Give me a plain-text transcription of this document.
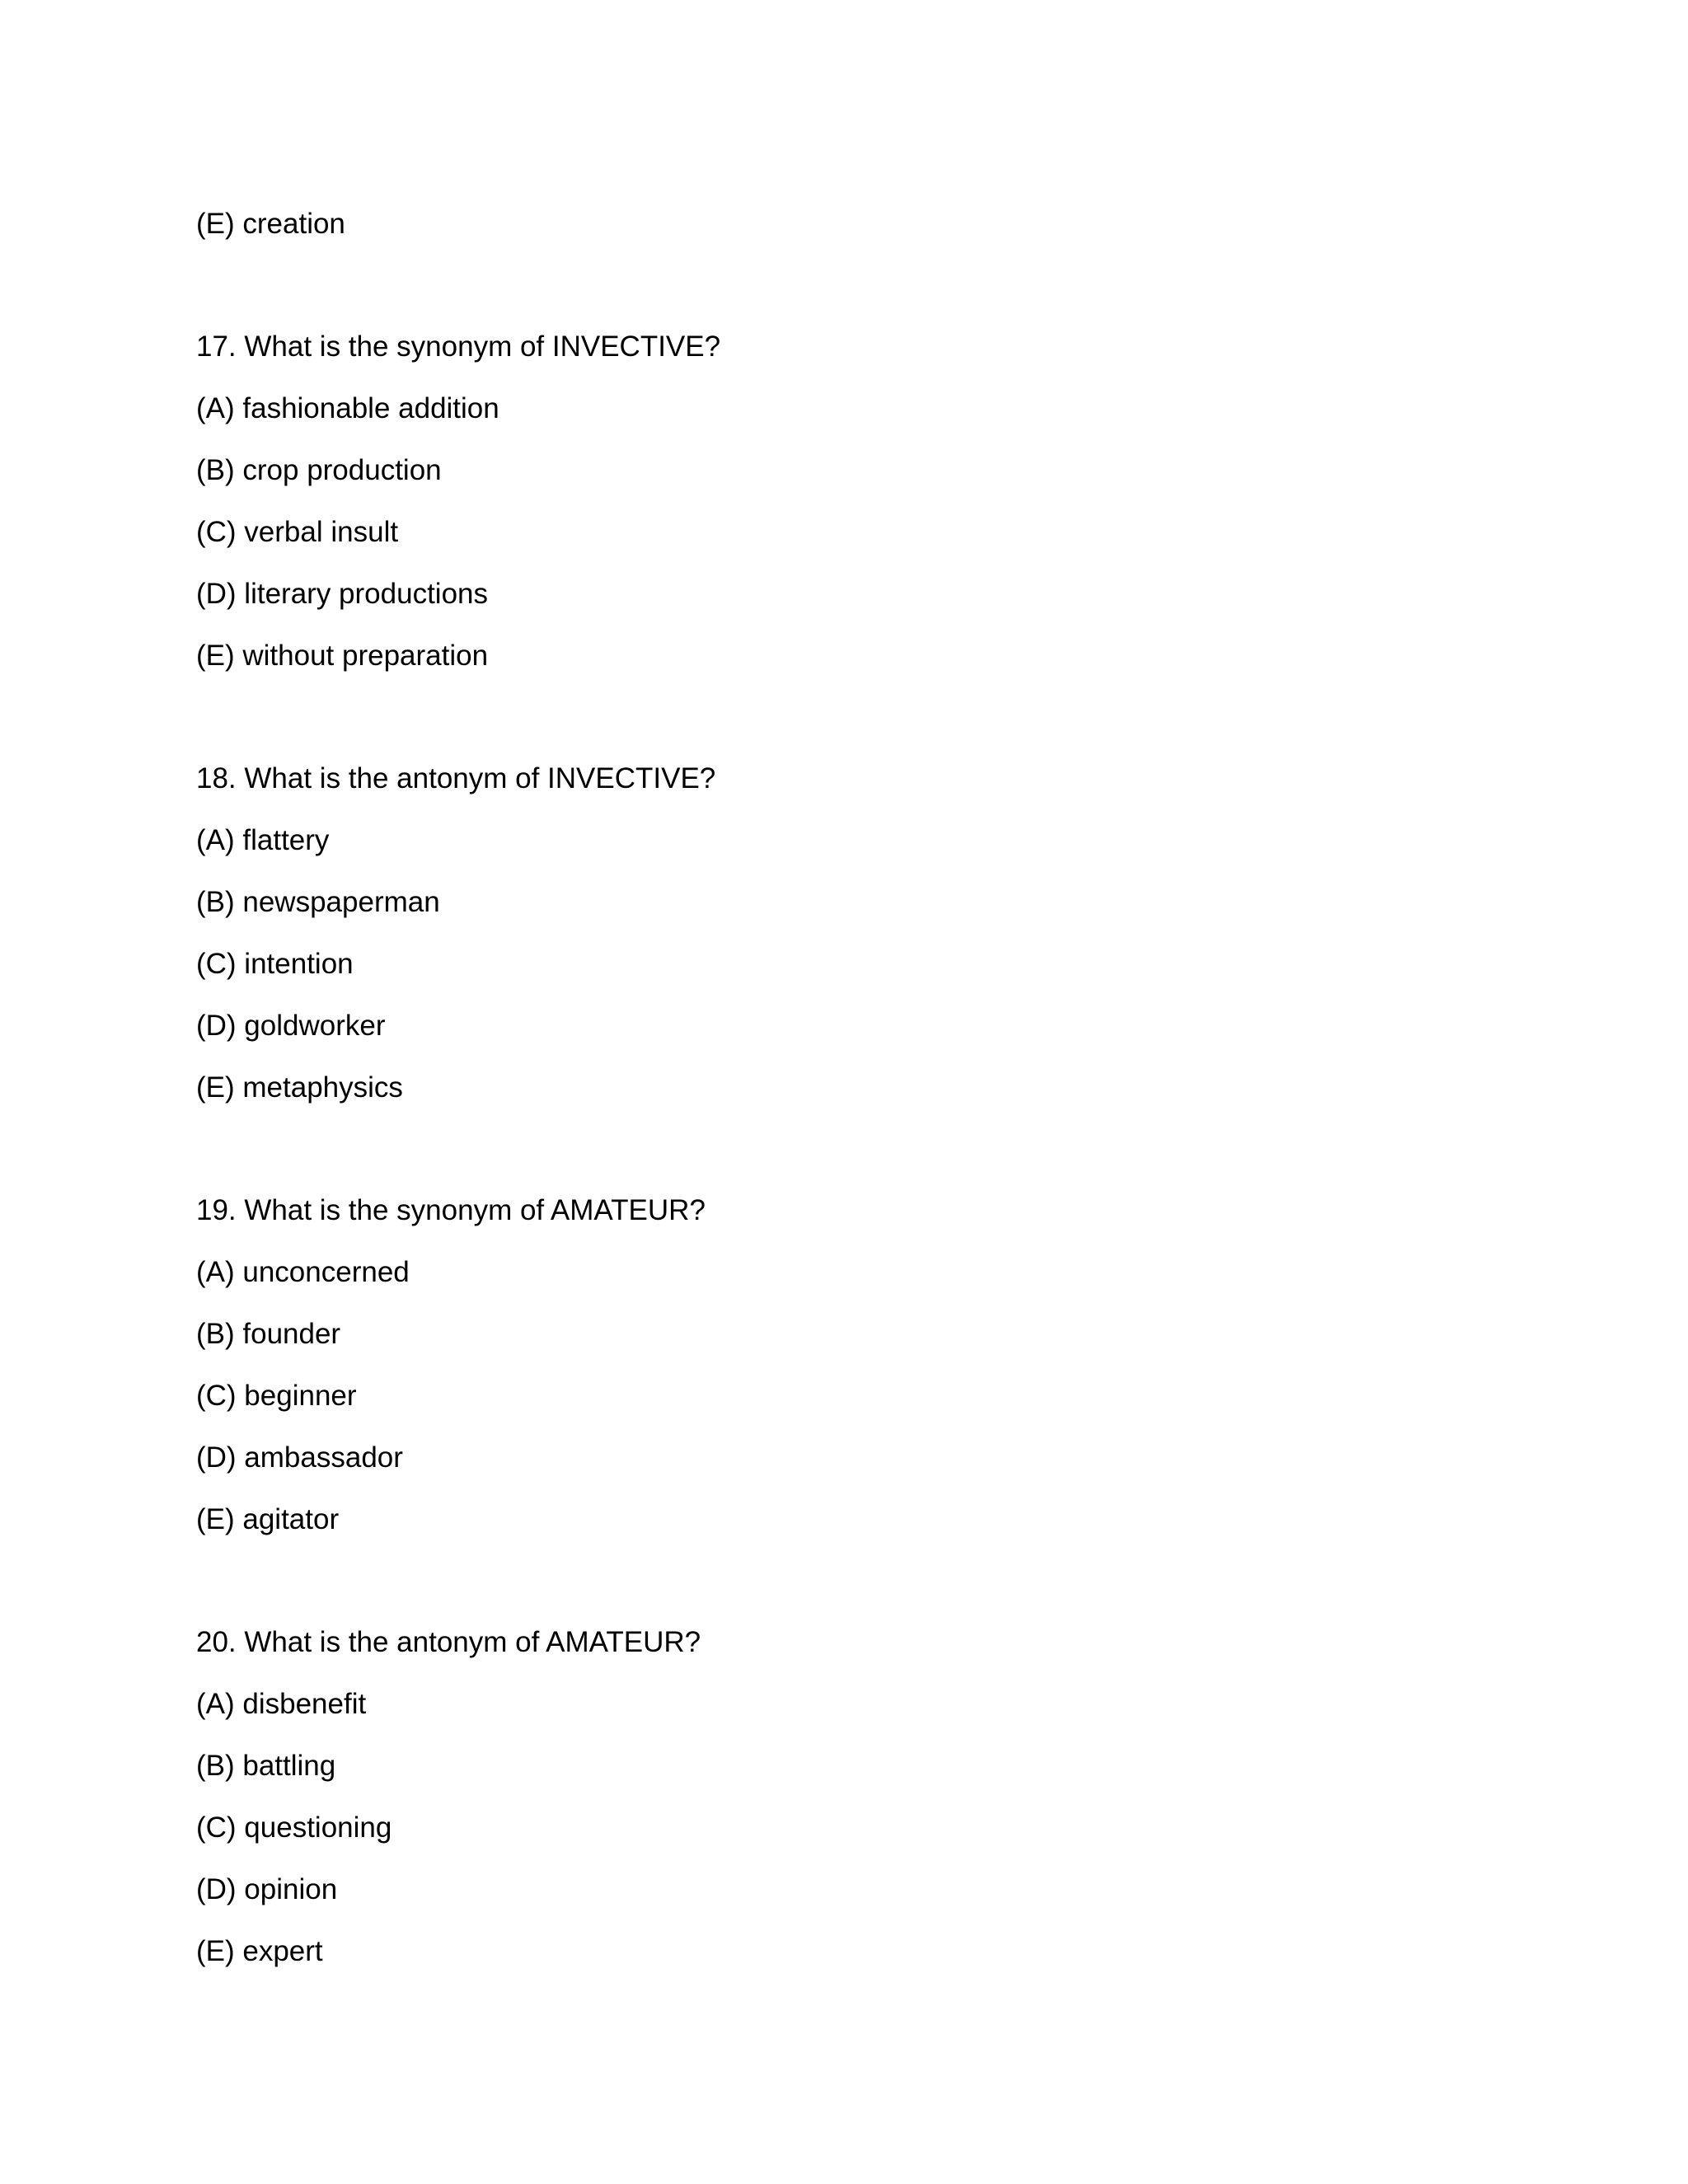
(E) creation
17. What is the synonym of INVECTIVE?
(A) fashionable addition
(B) crop production
(C) verbal insult
(D) literary productions
(E) without preparation
18. What is the antonym of INVECTIVE?
(A) flattery
(B) newspaperman
(C) intention
(D) goldworker
(E) metaphysics
19. What is the synonym of AMATEUR?
(A) unconcerned
(B) founder
(C) beginner
(D) ambassador
(E) agitator
20. What is the antonym of AMATEUR?
(A) disbenefit
(B) battling
(C) questioning
(D) opinion
(E) expert
